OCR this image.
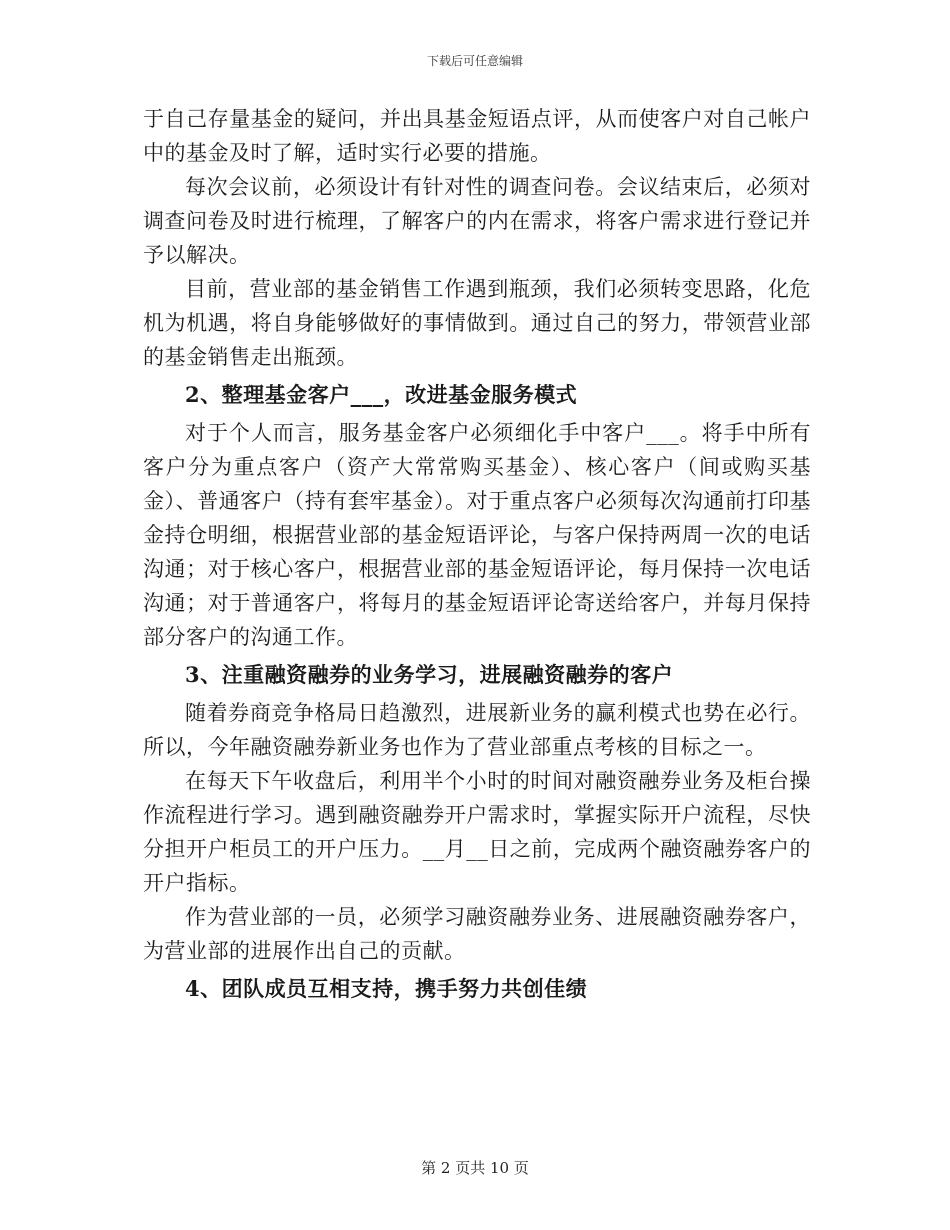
下载后可任意编辑

于自己存量基金的疑问，并出具基金短语点评，从而使客户对自己帐户中的基金及时了解，适时实行必要的措施。

每次会议前，必须设计有针对性的调查问卷。会议结束后，必须对调查问卷及时进行梳理，了解客户的内在需求，将客户需求进行登记并予以解决。

目前，营业部的基金销售工作遇到瓶颈，我们必须转变思路，化危机为机遇，将自身能够做好的事情做到。通过自己的努力，带领营业部的基金销售走出瓶颈。

2、整理基金客户___，改进基金服务模式

对于个人而言，服务基金客户必须细化手中客户___。将手中所有客户分为重点客户（资产大常常购买基金）、核心客户（间或购买基金）、普通客户（持有套牢基金）。对于重点客户必须每次沟通前打印基金持仓明细，根据营业部的基金短语评论，与客户保持两周一次的电话沟通；对于核心客户，根据营业部的基金短语评论，每月保持一次电话沟通；对于普通客户，将每月的基金短语评论寄送给客户，并每月保持部分客户的沟通工作。

3、注重融资融券的业务学习，进展融资融券的客户

随着券商竞争格局日趋激烈，进展新业务的赢利模式也势在必行。所以，今年融资融券新业务也作为了营业部重点考核的目标之一。

在每天下午收盘后，利用半个小时的时间对融资融券业务及柜台操作流程进行学习。遇到融资融券开户需求时，掌握实际开户流程，尽快分担开户柜员工的开户压力。__月__日之前，完成两个融资融券客户的开户指标。

作为营业部的一员，必须学习融资融券业务、进展融资融券客户，为营业部的进展作出自己的贡献。

4、团队成员互相支持，携手努力共创佳绩

第 2 页共 10 页
